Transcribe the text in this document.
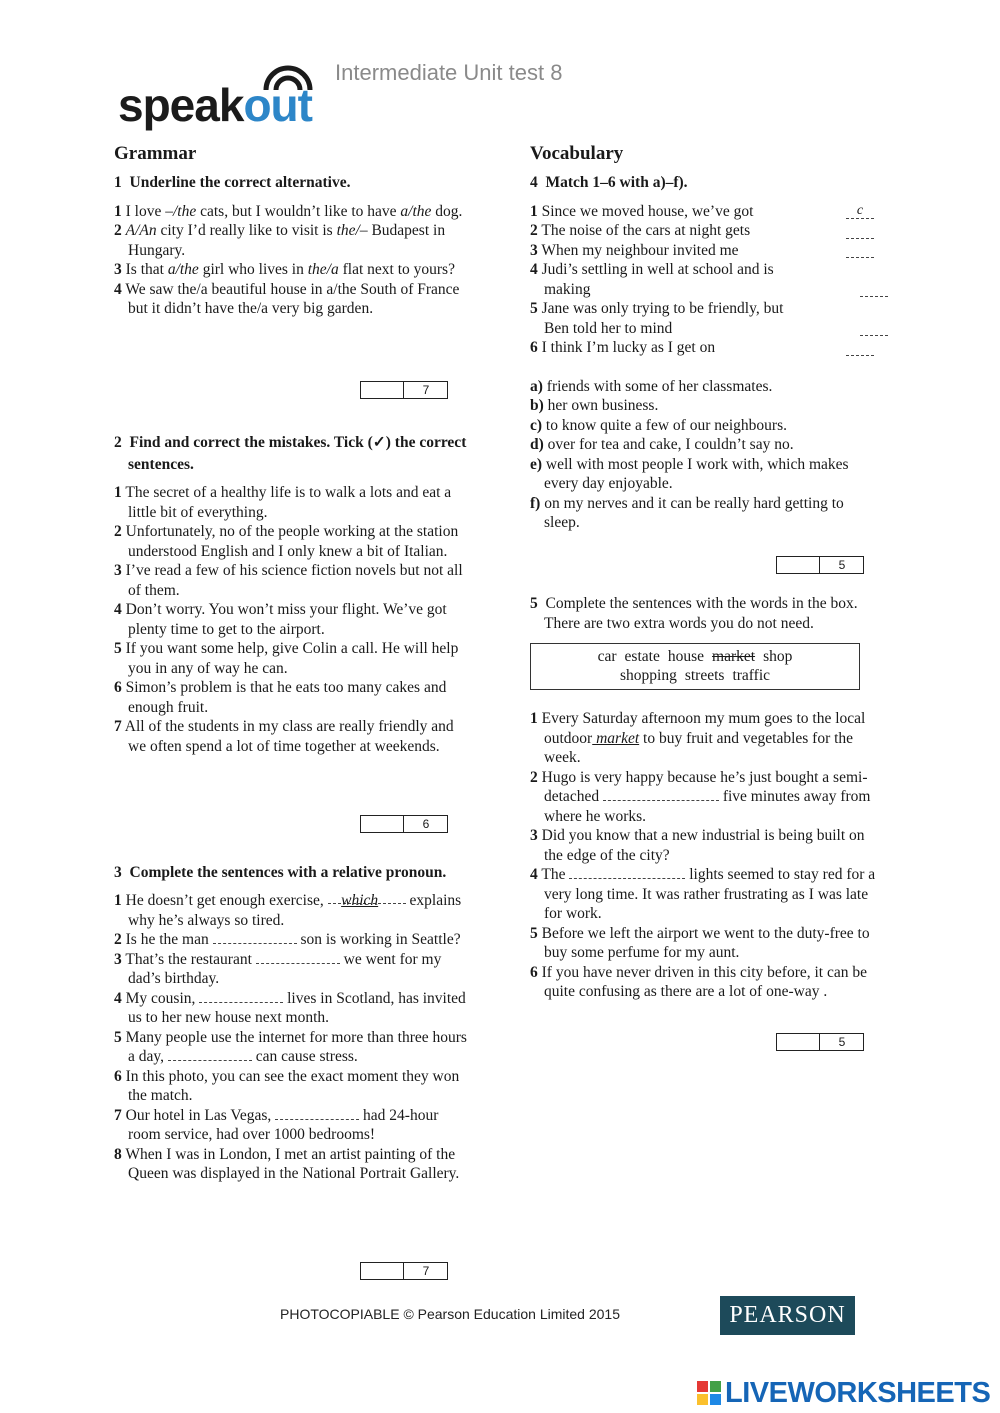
speakout
Intermediate Unit test 8
Grammar
1 Underline the correct alternative.
1 I love –/the cats, but I wouldn’t like to have a/the dog.
2 A/An city I’d really like to visit is the/– Budapest in Hungary.
3 Is that a/the girl who lives in the/a flat next to yours?
4 We saw the/a beautiful house in a/the South of France but it didn’t have the/a very big garden.
7
2 Find and correct the mistakes. Tick (✓) the correct sentences.
1 The secret of a healthy life is to walk a lots and eat a little bit of everything.
2 Unfortunately, no of the people working at the station understood English and I only knew a bit of Italian.
3 I’ve read a few of his science fiction novels but not all of them.
4 Don’t worry. You won’t miss your flight. We’ve got plenty time to get to the airport.
5 If you want some help, give Colin a call. He will help you in any of way he can.
6 Simon’s problem is that he eats too many cakes and enough fruit.
7 All of the students in my class are really friendly and we often spend a lot of time together at weekends.
6
3 Complete the sentences with a relative pronoun.
1 He doesn’t get enough exercise, which explains why he’s always so tired.
2 Is he the man	son is working in Seattle?
3 That’s the restaurant	we went for my dad’s birthday.
4 My cousin,	lives in Scotland, has invited us to her new house next month.
5 Many people use the internet for more than three hours a day,	can cause stress.
6 In this photo, you can see the exact moment they won the match.
7 Our hotel in Las Vegas,	had 24-hour room service, had over 1000 bedrooms!
8 When I was in London, I met an artist painting of the Queen was displayed in the National Portrait Gallery.
7
Vocabulary
4 Match 1–6 with a)–f).
1 Since we moved house, we’ve got	c
2 The noise of the cars at night gets
3 When my neighbour invited me
4 Judi’s settling in well at school and is making
5 Jane was only trying to be friendly, but Ben told her to mind
6 I think I’m lucky as I get on
a) friends with some of her classmates.
b) her own business.
c) to know quite a few of our neighbours.
d) over for tea and cake, I couldn’t say no.
e) well with most people I work with, which makes every day enjoyable.
f) on my nerves and it can be really hard getting to sleep.
5
5 Complete the sentences with the words in the box. There are two extra words you do not need.
car estate house market shop
shopping streets traffic
1 Every Saturday afternoon my mum goes to the local outdoor market to buy fruit and vegetables for the week.
2 Hugo is very happy because he’s just bought a semi-detached	five minutes away from where he works.
3 Did you know that a new industrial is being built on the edge of the city?
4 The	lights seemed to stay red for a very long time. It was rather frustrating as I was late for work.
5 Before we left the airport we went to the duty-free to buy some perfume for my aunt.
6 If you have never driven in this city before, it can be quite confusing as there are a lot of one-way .
5
PHOTOCOPIABLE © Pearson Education Limited 2015	PEARSON
LIVEWORKSHEETS
